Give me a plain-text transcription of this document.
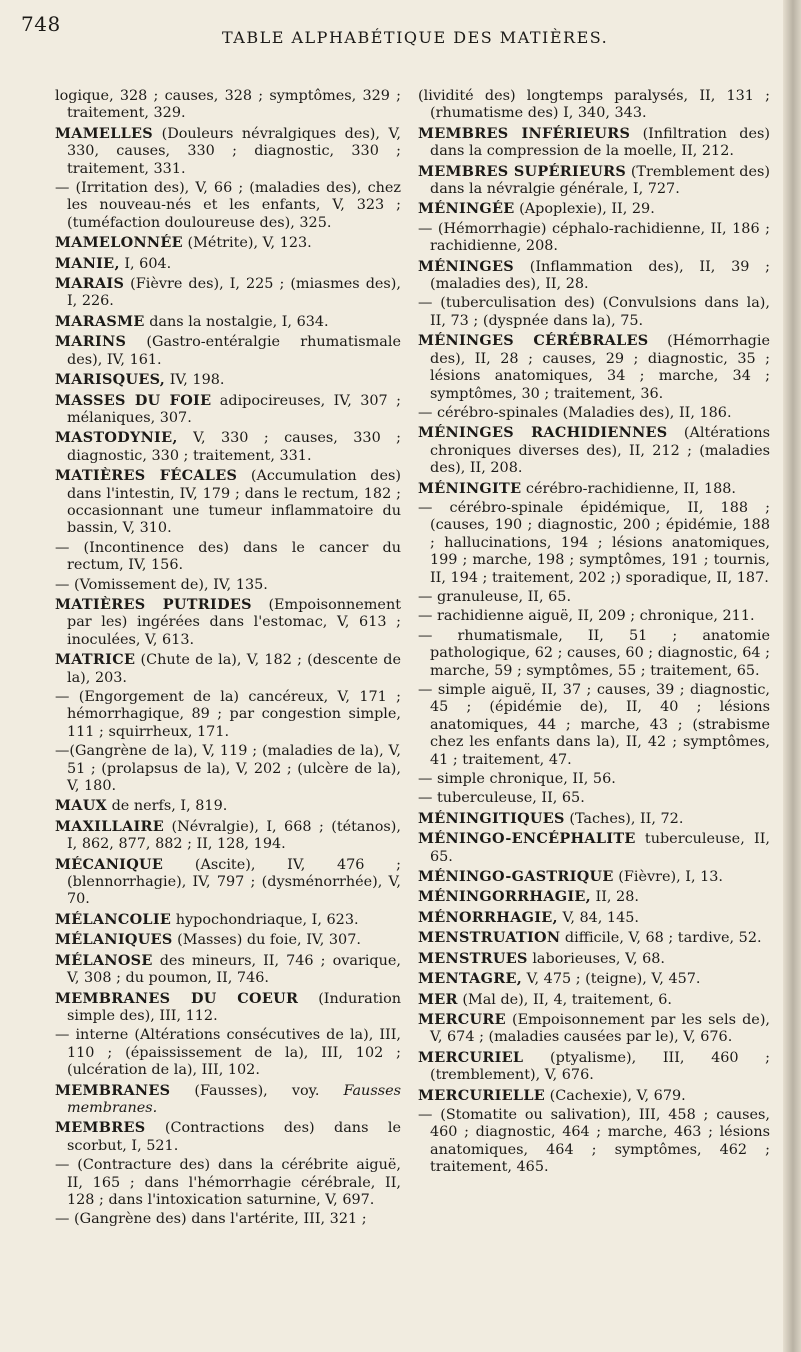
748
TABLE ALPHABÉTIQUE DES MATIÈRES.

logique, 328 ; causes, 328 ; symptômes, 329 ; traitement, 329.

MAMELLES (Douleurs névralgiques des), V, 330, causes, 330 ; diagnostic, 330 ; traitement, 331.

— (Irritation des), V, 66 ; (maladies des), chez les nouveau-nés et les enfants, V, 323 ; (tuméfaction douloureuse des), 325.

MAMELONNÉE (Métrite), V, 123.

MANIE, I, 604.

MARAIS (Fièvre des), I, 225 ; (miasmes des), I, 226.

MARASME dans la nostalgie, I, 634.

MARINS (Gastro-entéralgie rhumatismale des), IV, 161.

MARISQUES, IV, 198.

MASSES DU FOIE adipocireuses, IV, 307 ; mélaniques, 307.

MASTODYNIE, V, 330 ; causes, 330 ; diagnostic, 330 ; traitement, 331.

MATIÈRES FÉCALES (Accumulation des) dans l'intestin, IV, 179 ; dans le rectum, 182 ; occasionnant une tumeur inflammatoire du bassin, V, 310.

— (Incontinence des) dans le cancer du rectum, IV, 156.

— (Vomissement de), IV, 135.

MATIÈRES PUTRIDES (Empoisonnement par les) ingérées dans l'estomac, V, 613 ; inoculées, V, 613.

MATRICE (Chute de la), V, 182 ; (descente de la), 203.

— (Engorgement de la) cancéreux, V, 171 ; hémorrhagique, 89 ; par congestion simple, 111 ; squirrheux, 171.

—(Gangrène de la), V, 119 ; (maladies de la), V, 51 ; (prolapsus de la), V, 202 ; (ulcère de la), V, 180.

MAUX de nerfs, I, 819.

MAXILLAIRE (Névralgie), I, 668 ; (tétanos), I, 862, 877, 882 ; II, 128, 194.

MÉCANIQUE (Ascite), IV, 476 ; (blennorrhagie), IV, 797 ; (dysménorrhée), V, 70.

MÉLANCOLIE hypochondriaque, I, 623.

MÉLANIQUES (Masses) du foie, IV, 307.

MÉLANOSE des mineurs, II, 746 ; ovarique, V, 308 ; du poumon, II, 746.

MEMBRANES DU COEUR (Induration simple des), III, 112.

— interne (Altérations consécutives de la), III, 110 ; (épaississement de la), III, 102 ; (ulcération de la), III, 102.

MEMBRANES (Fausses), voy. Fausses membranes.

MEMBRES (Contractions des) dans le scorbut, I, 521.

— (Contracture des) dans la cérébrite aiguë, II, 165 ; dans l'hémorrhagie cérébrale, II, 128 ; dans l'intoxication saturnine, V, 697.

— (Gangrène des) dans l'artérite, III, 321 ;

(lividité des) longtemps paralysés, II, 131 ; (rhumatisme des) I, 340, 343.

MEMBRES INFÉRIEURS (Infiltration des) dans la compression de la moelle, II, 212.

MEMBRES SUPÉRIEURS (Tremblement des) dans la névralgie générale, I, 727.

MÉNINGÉE (Apoplexie), II, 29.

— (Hémorrhagie) céphalo-rachidienne, II, 186 ; rachidienne, 208.

MÉNINGES (Inflammation des), II, 39 ; (maladies des), II, 28.

— (tuberculisation des) (Convulsions dans la), II, 73 ; (dyspnée dans la), 75.

MÉNINGES CÉRÉBRALES (Hémorrhagie des), II, 28 ; causes, 29 ; diagnostic, 35 ; lésions anatomiques, 34 ; marche, 34 ; symptômes, 30 ; traitement, 36.

— cérébro-spinales (Maladies des), II, 186.

MÉNINGES RACHIDIENNES (Altérations chroniques diverses des), II, 212 ; (maladies des), II, 208.

MÉNINGITE cérébro-rachidienne, II, 188.

— cérébro-spinale épidémique, II, 188 ; (causes, 190 ; diagnostic, 200 ; épidémie, 188 ; hallucinations, 194 ; lésions anatomiques, 199 ; marche, 198 ; symptômes, 191 ; tournis, II, 194 ; traitement, 202 ;) sporadique, II, 187.

— granuleuse, II, 65.

— rachidienne aiguë, II, 209 ; chronique, 211.

— rhumatismale, II, 51 ; anatomie pathologique, 62 ; causes, 60 ; diagnostic, 64 ; marche, 59 ; symptômes, 55 ; traitement, 65.

— simple aiguë, II, 37 ; causes, 39 ; diagnostic, 45 ; (épidémie de), II, 40 ; lésions anatomiques, 44 ; marche, 43 ; (strabisme chez les enfants dans la), II, 42 ; symptômes, 41 ; traitement, 47.

— simple chronique, II, 56.

— tuberculeuse, II, 65.

MÉNINGITIQUES (Taches), II, 72.

MÉNINGO-ENCÉPHALITE tuberculeuse, II, 65.

MÉNINGO-GASTRIQUE (Fièvre), I, 13.

MÉNINGORRHAGIE, II, 28.

MÉNORRHAGIE, V, 84, 145.

MENSTRUATION difficile, V, 68 ; tardive, 52.

MENSTRUES laborieuses, V, 68.

MENTAGRE, V, 475 ; (teigne), V, 457.

MER (Mal de), II, 4, traitement, 6.

MERCURE (Empoisonnement par les sels de), V, 674 ; (maladies causées par le), V, 676.

MERCURIEL (ptyalisme), III, 460 ; (tremblement), V, 676.

MERCURIELLE (Cachexie), V, 679.

— (Stomatite ou salivation), III, 458 ; causes, 460 ; diagnostic, 464 ; marche, 463 ; lésions anatomiques, 464 ; symptômes, 462 ; traitement, 465.
